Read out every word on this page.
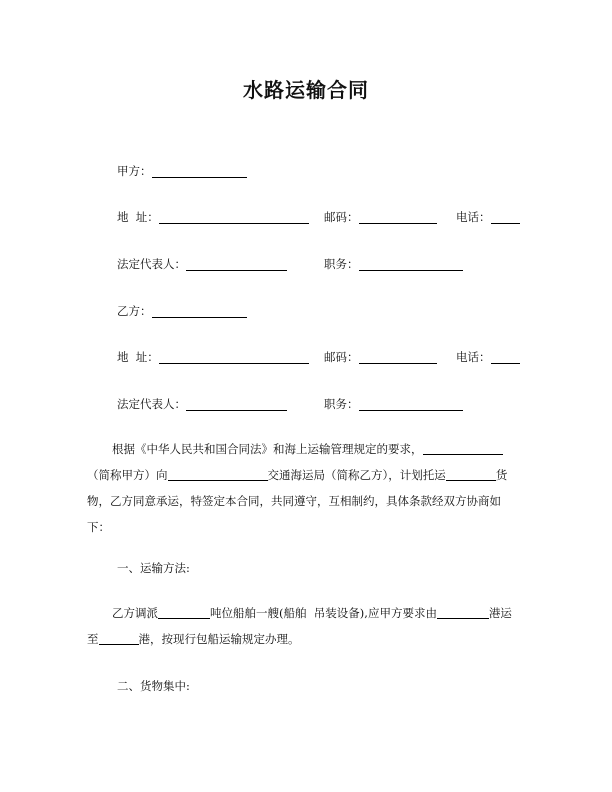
水路运输合同
甲方：
地  址：	邮码：	电话：
法定代表人：	职务：
乙方：
地  址：	邮码：	电话：
法定代表人：	职务：
根据《中华人民共和国合同法》和海上运输管理规定的要求，（简称甲方）向	交通海运局（简称乙方），计划托运	货物，乙方同意承运，特签定本合同，共同遵守，互相制约，具体条款经双方协商如下：
一、运输方法:
乙方调派	吨位船舶一艘(船舶  吊装设备),应甲方要求由	港运至	港，按现行包船运输规定办理。
二、货物集中:
